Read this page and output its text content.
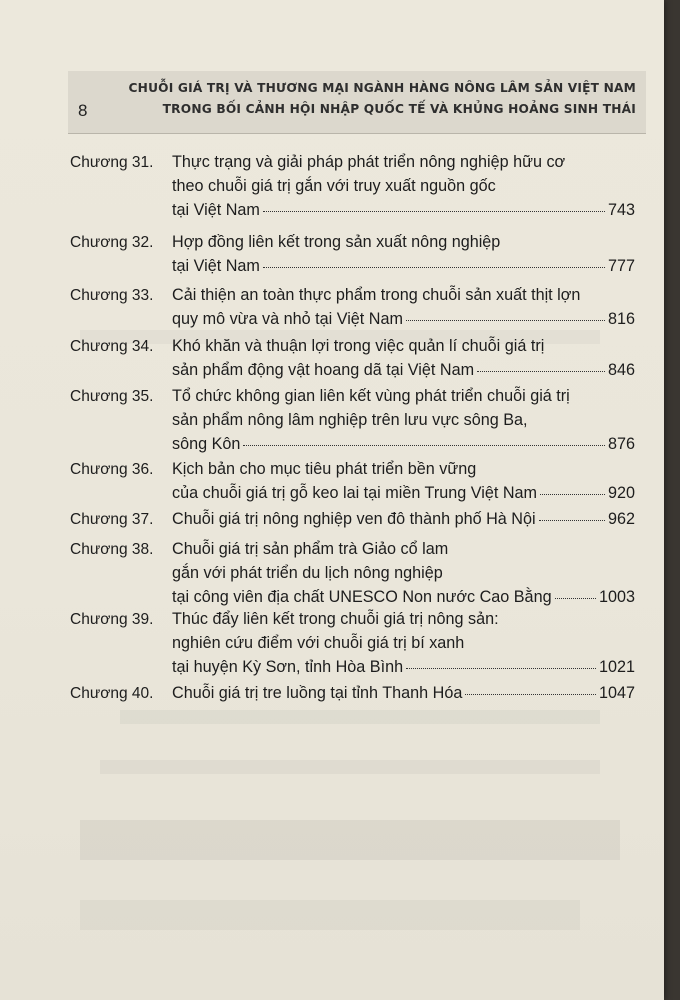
8
CHUỖI GIÁ TRỊ VÀ THƯƠNG MẠI NGÀNH HÀNG NÔNG LÂM SẢN VIỆT NAM
TRONG BỐI CẢNH HỘI NHẬP QUỐC TẾ VÀ KHỦNG HOẢNG SINH THÁI
Chương 31. Thực trạng và giải pháp phát triển nông nghiệp hữu cơ
theo chuỗi giá trị gắn với truy xuất nguồn gốc
tại Việt Nam	743
Chương 32. Hợp đồng liên kết trong sản xuất nông nghiệp
tại Việt Nam	777
Chương 33. Cải thiện an toàn thực phẩm trong chuỗi sản xuất thịt lợn
quy mô vừa và nhỏ tại Việt Nam	816
Chương 34. Khó khăn và thuận lợi trong việc quản lí chuỗi giá trị
sản phẩm động vật hoang dã tại Việt Nam	846
Chương 35. Tổ chức không gian liên kết vùng phát triển chuỗi giá trị
sản phẩm nông lâm nghiệp trên lưu vực sông Ba,
sông Kôn	876
Chương 36. Kịch bản cho mục tiêu phát triển bền vững
của chuỗi giá trị gỗ keo lai tại miền Trung Việt Nam	920
Chương 37. Chuỗi giá trị nông nghiệp ven đô thành phố Hà Nội	962
Chương 38. Chuỗi giá trị sản phẩm trà Giảo cổ lam
gắn với phát triển du lịch nông nghiệp
tại công viên địa chất UNESCO Non nước Cao Bằng	1003
Chương 39. Thúc đẩy liên kết trong chuỗi giá trị nông sản:
nghiên cứu điểm với chuỗi giá trị bí xanh
tại huyện Kỳ Sơn, tỉnh Hòa Bình	1021
Chương 40. Chuỗi giá trị tre luồng tại tỉnh Thanh Hóa	1047
